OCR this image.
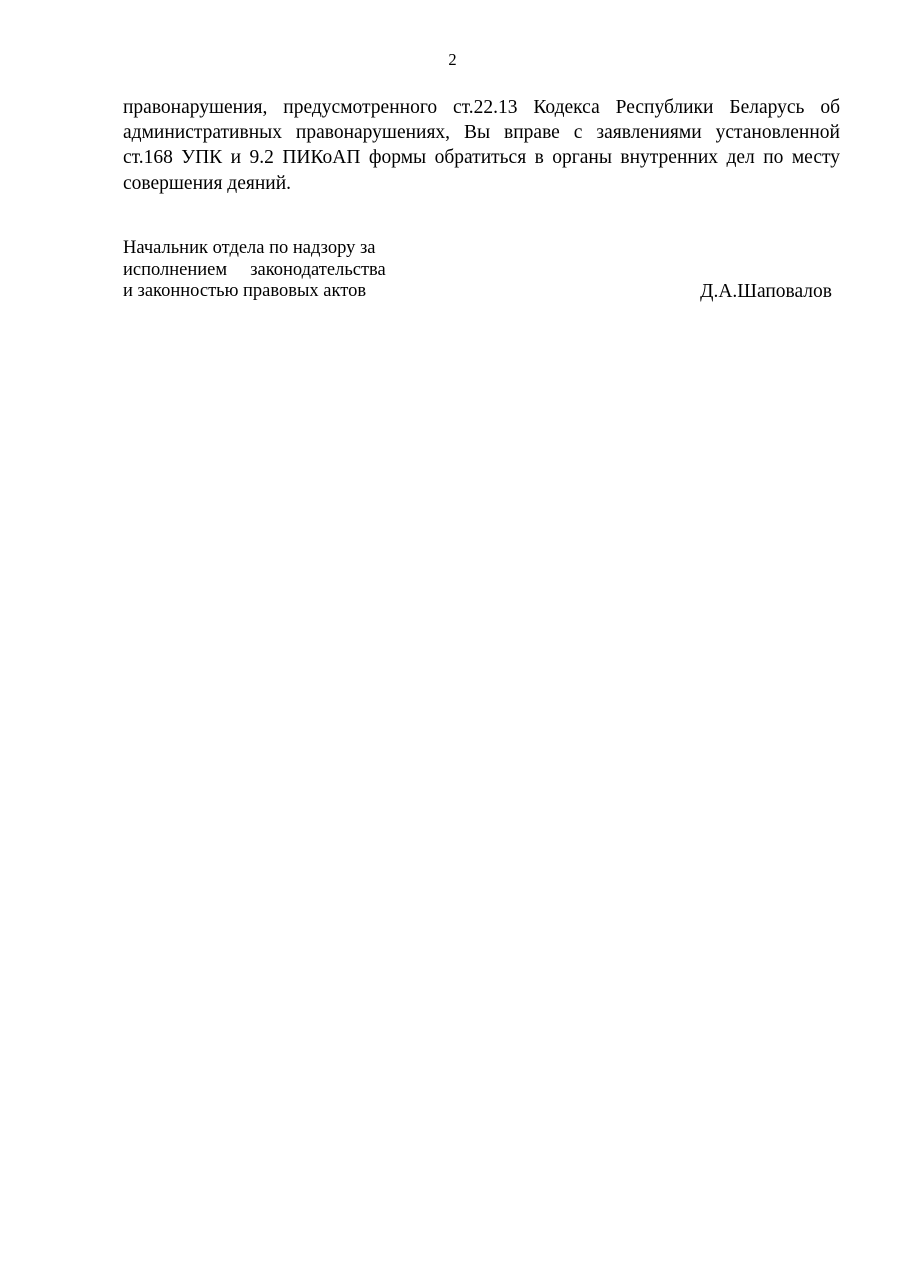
2

правонарушения, предусмотренного ст.22.13 Кодекса Республики Беларусь об административных правонарушениях, Вы вправе с заявлениями установленной ст.168 УПК и 9.2 ПИКоАП формы обратиться в органы внутренних дел по месту совершения деяний.

Начальник отдела по надзору за
исполнением     законодательства
и законностью правовых актов	Д.А.Шаповалов
